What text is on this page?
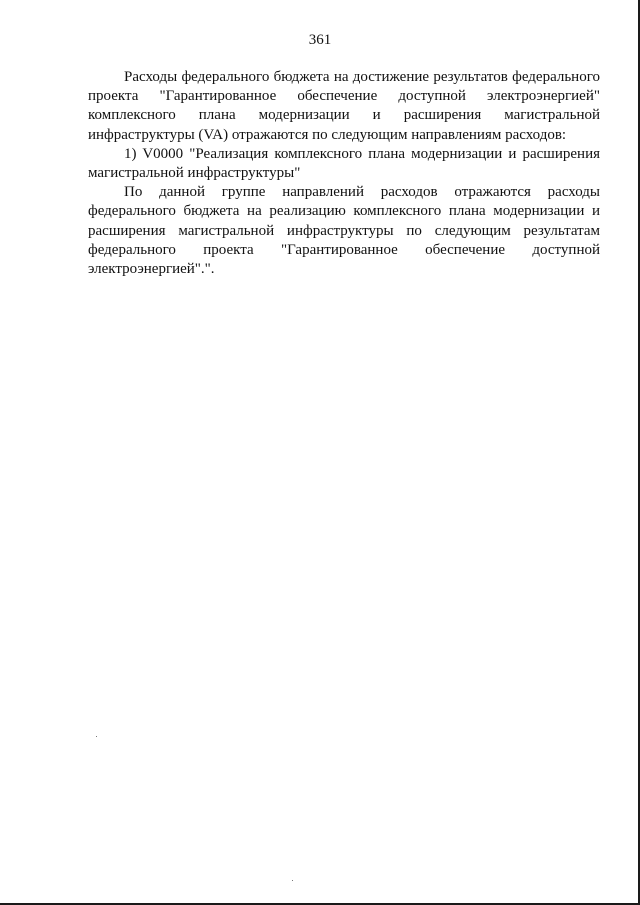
361

Расходы федерального бюджета на достижение результатов федерального проекта "Гарантированное обеспечение доступной электроэнергией" комплексного плана модернизации и расширения магистральной инфраструктуры (VA) отражаются по следующим направлениям расходов:

1) V0000 "Реализация комплексного плана модернизации и расширения магистральной инфраструктуры"

По данной группе направлений расходов отражаются расходы федерального бюджета на реализацию комплексного плана модернизации и расширения магистральной инфраструктуры по следующим результатам федерального проекта "Гарантированное обеспечение доступной электроэнергией".".
